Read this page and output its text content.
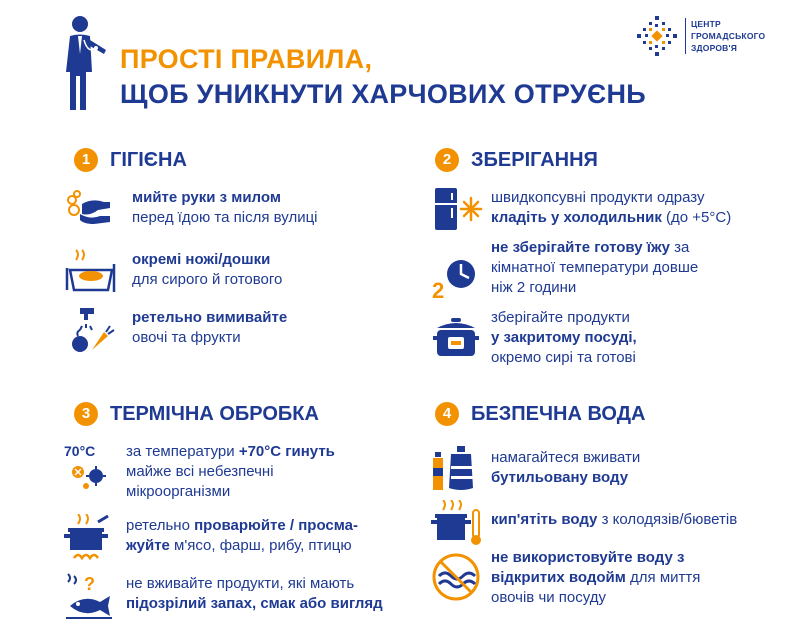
ПРОСТІ ПРАВИЛА,
ЩОБ УНИКНУТИ ХАРЧОВИХ ОТРУЄНЬ
ЦЕНТР
ГРОМАДСЬКОГО
ЗДОРОВ'Я
1 ГІГІЄНА
мийте руки з милом
перед їдою та після вулиці
окремі ножі/дошки
для сирого й готового
ретельно вимивайте
овочі та фрукти
2 ЗБЕРІГАННЯ
швидкопсувні продукти одразу
кладіть у холодильник (до +5°C)
2
не зберігайте готову їжу за
кімнатної температури довше
ніж 2 години
зберігайте продукти
у закритому посуді,
окремо сирі та готові
3 ТЕРМІЧНА ОБРОБКА
70°C за температури +70°C гинуть
майже всі небезпечні
мікроорганізми
ретельно проварюйте / просма-
жуйте м'ясо, фарш, рибу, птицю
? не вживайте продукти, які мають
підозрілий запах, смак або вигляд
4 БЕЗПЕЧНА ВОДА
намагайтеся вживати
бутильовану воду
кип'ятіть воду з колодязів/бюветів
не використовуйте воду з
відкритих водойм для миття
овочів чи посуду
